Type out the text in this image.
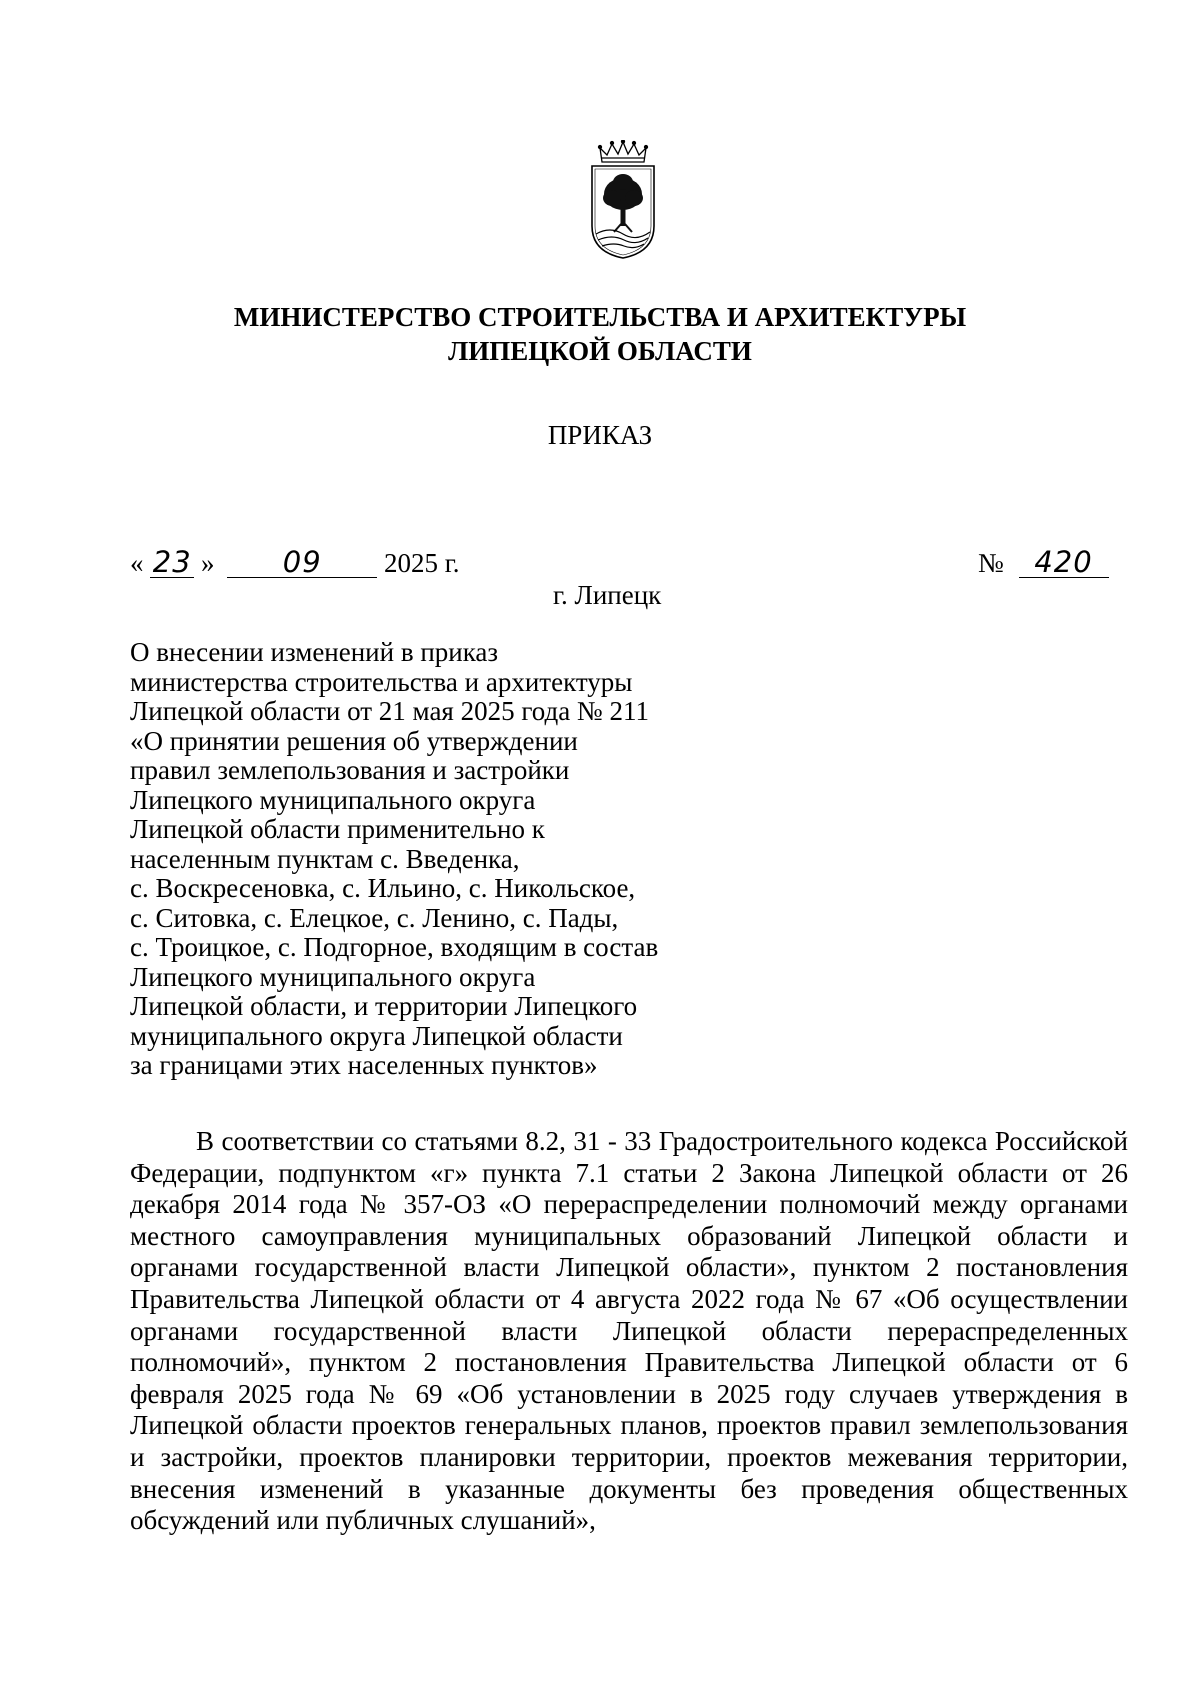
МИНИСТЕРСТВО СТРОИТЕЛЬСТВА И АРХИТЕКТУРЫ
ЛИПЕЦКОЙ ОБЛАСТИ
ПРИКАЗ
« 23 » 09 2025 г.	№ 420
г. Липецк
О внесении изменений в приказ
министерства строительства и архитектуры
Липецкой области от 21 мая 2025 года № 211
«О принятии решения об утверждении
правил землепользования и застройки
Липецкого муниципального округа
Липецкой области применительно к
населенным пунктам с. Введенка,
с. Воскресеновка, с. Ильино, с. Никольское,
с. Ситовка, с. Елецкое, с. Ленино, с. Пады,
с. Троицкое, с. Подгорное, входящим в состав
Липецкого муниципального округа
Липецкой области, и территории Липецкого
муниципального округа Липецкой области
за границами этих населенных пунктов»
В соответствии со статьями 8.2, 31 - 33 Градостроительного кодекса Российской
Федерации, подпунктом «г» пункта 7.1 статьи 2 Закона Липецкой области от 26
декабря 2014 года № 357-ОЗ «О перераспределении полномочий между органами
местного самоуправления муниципальных образований Липецкой области и
органами государственной власти Липецкой области», пунктом 2 постановления
Правительства Липецкой области от 4 августа 2022 года № 67 «Об осуществлении
органами государственной власти Липецкой области перераспределенных
полномочий», пунктом 2 постановления Правительства Липецкой области от 6
февраля 2025 года № 69 «Об установлении в 2025 году случаев утверждения в
Липецкой области проектов генеральных планов, проектов правил землепользования
и застройки, проектов планировки территории, проектов межевания территории,
внесения изменений в указанные документы без проведения общественных
обсуждений или публичных слушаний»,
